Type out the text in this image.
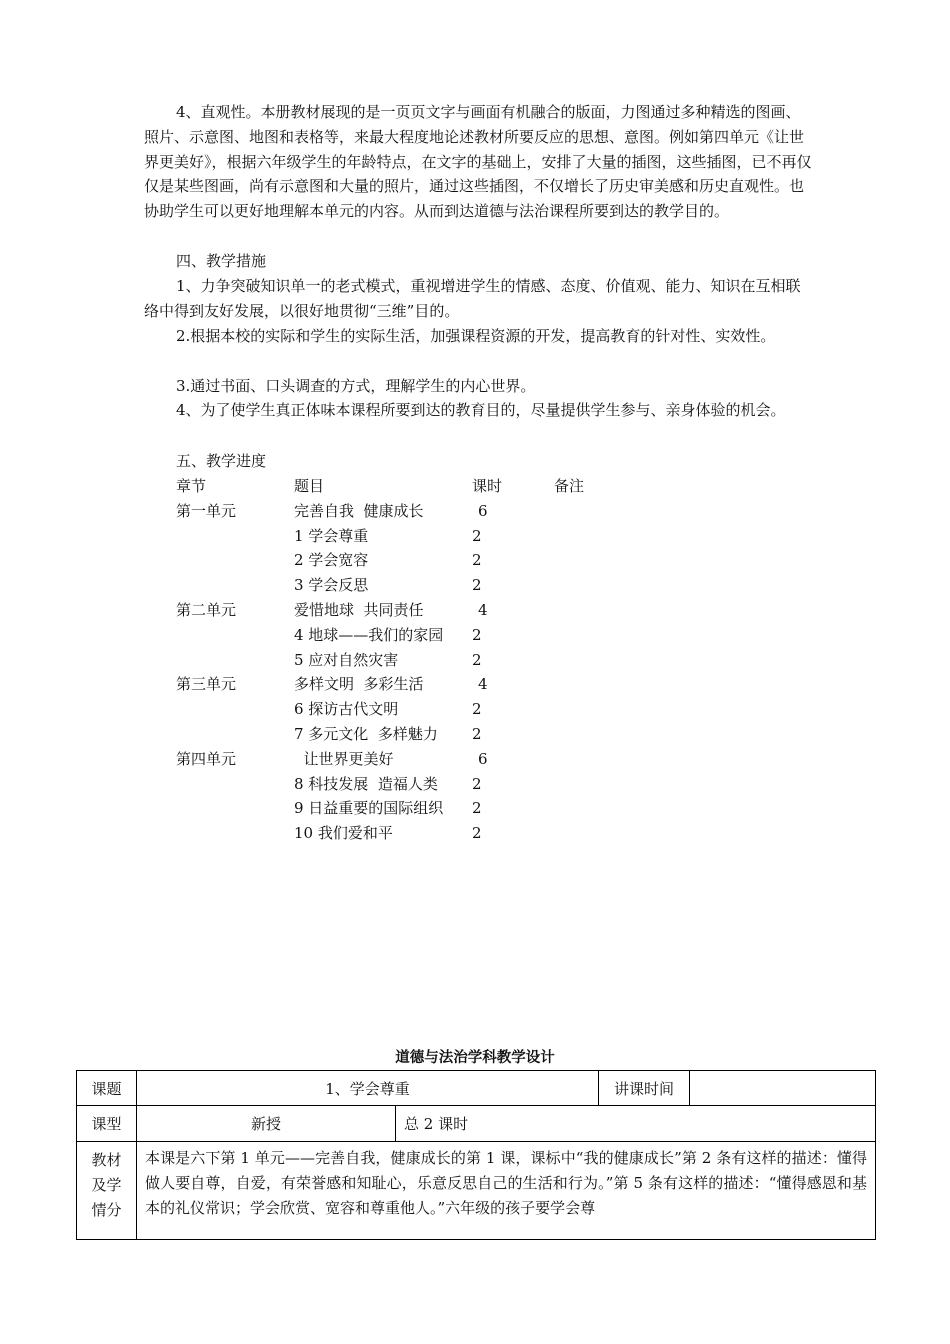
4、直观性。本册教材展现的是一页页文字与画面有机融合的版面，力图通过多种精选的图画、照片、示意图、地图和表格等，来最大程度地论述教材所要反应的思想、意图。例如第四单元《让世界更美好》，根据六年级学生的年龄特点，在文字的基础上，安排了大量的插图，这些插图，已不再仅仅是某些图画，尚有示意图和大量的照片，通过这些插图，不仅增长了历史审美感和历史直观性。也协助学生可以更好地理解本单元的内容。从而到达道德与法治课程所要到达的教学目的。

四、教学措施

1、力争突破知识单一的老式模式，重视增进学生的情感、态度、价值观、能力、知识在互相联络中得到友好发展，以很好地贯彻“三维”目的。

2.根据本校的实际和学生的实际生活，加强课程资源的开发，提高教育的针对性、实效性。

3.通过书面、口头调查的方式，理解学生的内心世界。

4、为了使学生真正体味本课程所要到达的教育目的，尽量提供学生参与、亲身体验的机会。

五、教学进度

章节	题目	课时	备注
第一单元	完善自我  健康成长	6
1 学会尊重	2
2 学会宽容	2
3 学会反思	2
第二单元	爱惜地球  共同责任	4
4 地球——我们的家园 2
5 应对自然灾害	2
第三单元	多样文明  多彩生活	4
6 探访古代文明	2
7 多元文化  多样魅力 2
第四单元	让世界更美好	6
8 科技发展  造福人类 2
9 日益重要的国际组织 2
10 我们爱和平	2
道德与法治学科教学设计
课题	1、学会尊重		讲课时间	
课型	新授	总 2 课时		

教材
及学
情分	本课是六下第 1 单元——完善自我，健康成长的第 1 课，课标中“我的健康成长”第 2 条有这样的描述：懂得做人要自尊，自爱，有荣誉感和知耻心，乐意反思自己的生活和行为。”第 5 条有这样的描述：“懂得感恩和基本的礼仪常识；学会欣赏、宽容和尊重他人。”六年级的孩子要学会尊			
